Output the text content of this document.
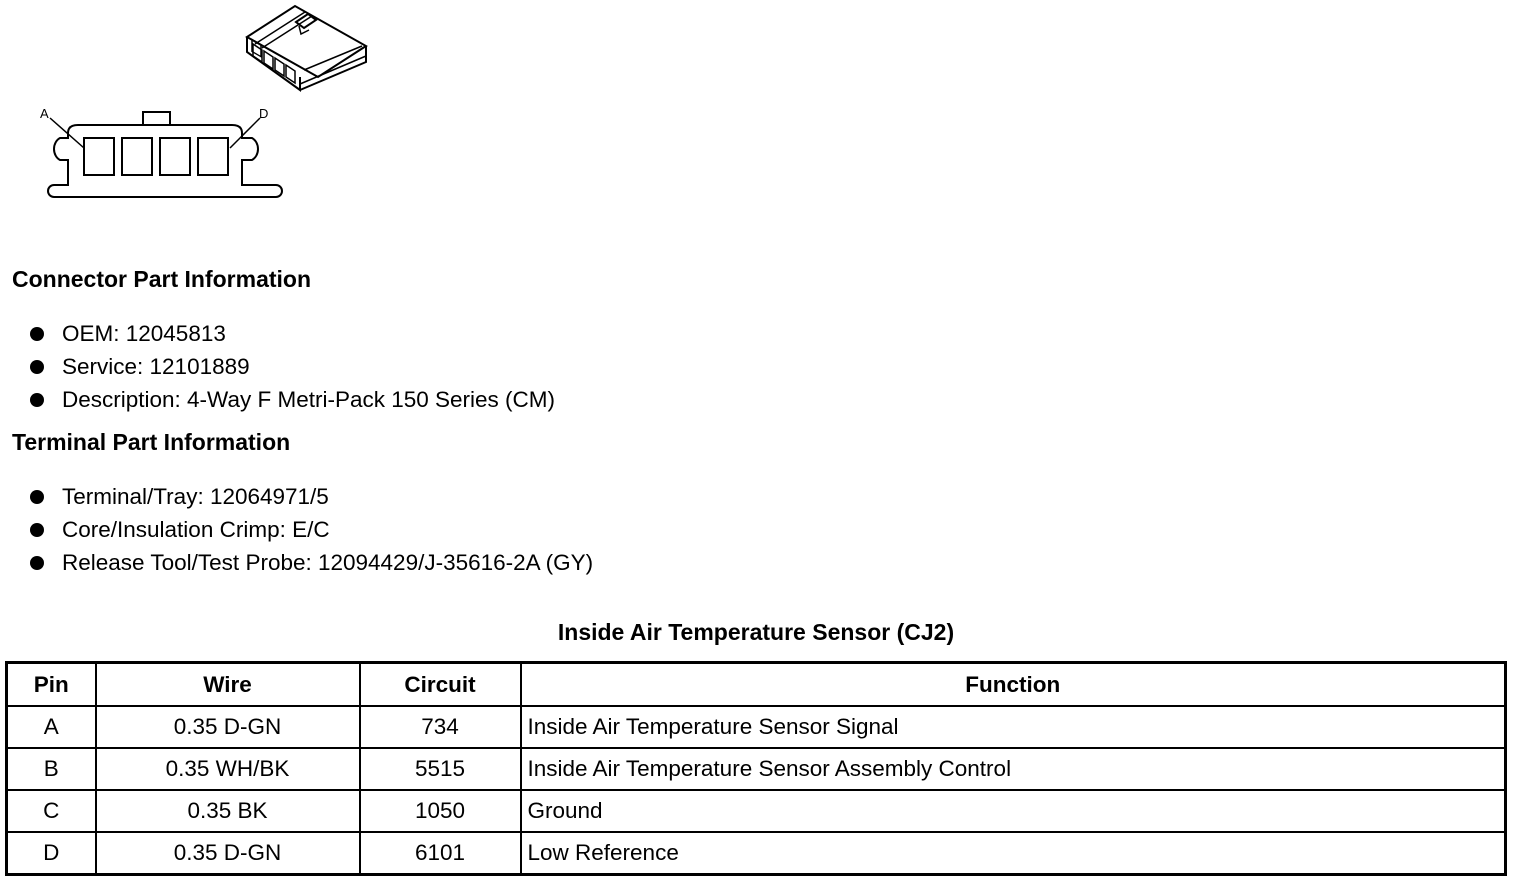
A	D
Connector Part Information
OEM: 12045813
Service: 12101889
Description: 4-Way F Metri-Pack 150 Series (CM)
Terminal Part Information
Terminal/Tray: 12064971/5
Core/Insulation Crimp: E/C
Release Tool/Test Probe: 12094429/J-35616-2A (GY)
Inside Air Temperature Sensor (CJ2)
Pin	Wire	Circuit	Function
A	0.35 D-GN	734	Inside Air Temperature Sensor Signal
B	0.35 WH/BK	5515	Inside Air Temperature Sensor Assembly Control
C	0.35 BK	1050	Ground
D	0.35 D-GN	6101	Low Reference
